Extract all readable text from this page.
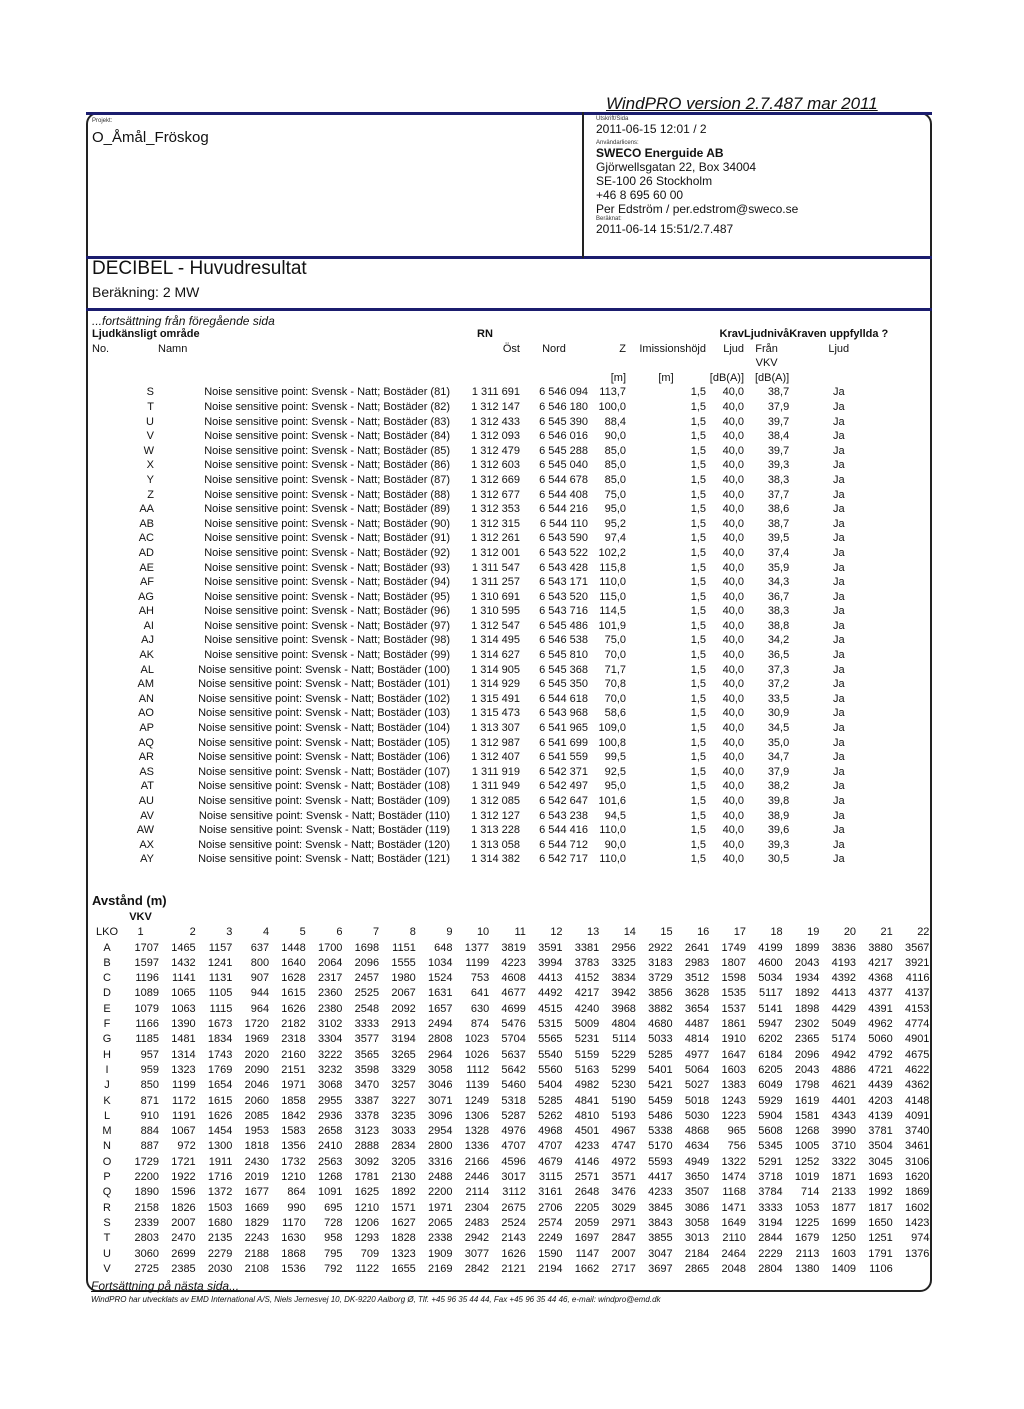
WindPRO version 2.7.487 mar 2011
Projekt:
O_Åmål_Fröskog
Utskrift/Sida
2011-06-15 12:01 / 2
Användarlicens:
SWECO Energuide AB
Gjörwellsgatan 22, Box 34004
SE-100 26 Stockholm
+46 8 695 60 00
Per Edström / per.edstrom@sweco.se
Beräknat:
2011-06-14 15:51/2.7.487
DECIBEL - Huvudresultat
Beräkning: 2 MW
...fortsättning från föregående sida
Ljudkänsligt område		RN				Krav	Ljudnivå	Kraven uppfyllda ?
No.	Namn	Öst	Nord	Z	Imissionshöjd	Ljud	Från	Ljud
							VKV	
				[m]	[m]	[dB(A)]	[dB(A)]	
S	Noise sensitive point: Svensk - Natt; Bostäder (81)	1 311 691	6 546 094	113,7	1,5	40,0	38,7	Ja
T	Noise sensitive point: Svensk - Natt; Bostäder (82)	1 312 147	6 546 180	100,0	1,5	40,0	37,9	Ja
U	Noise sensitive point: Svensk - Natt; Bostäder (83)	1 312 433	6 545 390	88,4	1,5	40,0	39,7	Ja
V	Noise sensitive point: Svensk - Natt; Bostäder (84)	1 312 093	6 546 016	90,0	1,5	40,0	38,4	Ja
W	Noise sensitive point: Svensk - Natt; Bostäder (85)	1 312 479	6 545 288	85,0	1,5	40,0	39,7	Ja
X	Noise sensitive point: Svensk - Natt; Bostäder (86)	1 312 603	6 545 040	85,0	1,5	40,0	39,3	Ja
Y	Noise sensitive point: Svensk - Natt; Bostäder (87)	1 312 669	6 544 678	85,0	1,5	40,0	38,3	Ja
Z	Noise sensitive point: Svensk - Natt; Bostäder (88)	1 312 677	6 544 408	75,0	1,5	40,0	37,7	Ja
AA	Noise sensitive point: Svensk - Natt; Bostäder (89)	1 312 353	6 544 216	95,0	1,5	40,0	38,6	Ja
AB	Noise sensitive point: Svensk - Natt; Bostäder (90)	1 312 315	6 544 110	95,2	1,5	40,0	38,7	Ja
AC	Noise sensitive point: Svensk - Natt; Bostäder (91)	1 312 261	6 543 590	97,4	1,5	40,0	39,5	Ja
AD	Noise sensitive point: Svensk - Natt; Bostäder (92)	1 312 001	6 543 522	102,2	1,5	40,0	37,4	Ja
AE	Noise sensitive point: Svensk - Natt; Bostäder (93)	1 311 547	6 543 428	115,8	1,5	40,0	35,9	Ja
AF	Noise sensitive point: Svensk - Natt; Bostäder (94)	1 311 257	6 543 171	110,0	1,5	40,0	34,3	Ja
AG	Noise sensitive point: Svensk - Natt; Bostäder (95)	1 310 691	6 543 520	115,0	1,5	40,0	36,7	Ja
AH	Noise sensitive point: Svensk - Natt; Bostäder (96)	1 310 595	6 543 716	114,5	1,5	40,0	38,3	Ja
AI	Noise sensitive point: Svensk - Natt; Bostäder (97)	1 312 547	6 545 486	101,9	1,5	40,0	38,8	Ja
AJ	Noise sensitive point: Svensk - Natt; Bostäder (98)	1 314 495	6 546 538	75,0	1,5	40,0	34,2	Ja
AK	Noise sensitive point: Svensk - Natt; Bostäder (99)	1 314 627	6 545 810	70,0	1,5	40,0	36,5	Ja
AL	Noise sensitive point: Svensk - Natt; Bostäder (100)	1 314 905	6 545 368	71,7	1,5	40,0	37,3	Ja
AM	Noise sensitive point: Svensk - Natt; Bostäder (101)	1 314 929	6 545 350	70,8	1,5	40,0	37,2	Ja
AN	Noise sensitive point: Svensk - Natt; Bostäder (102)	1 315 491	6 544 618	70,0	1,5	40,0	33,5	Ja
AO	Noise sensitive point: Svensk - Natt; Bostäder (103)	1 315 473	6 543 968	58,6	1,5	40,0	30,9	Ja
AP	Noise sensitive point: Svensk - Natt; Bostäder (104)	1 313 307	6 541 965	109,0	1,5	40,0	34,5	Ja
AQ	Noise sensitive point: Svensk - Natt; Bostäder (105)	1 312 987	6 541 699	100,8	1,5	40,0	35,0	Ja
AR	Noise sensitive point: Svensk - Natt; Bostäder (106)	1 312 407	6 541 559	99,5	1,5	40,0	34,7	Ja
AS	Noise sensitive point: Svensk - Natt; Bostäder (107)	1 311 919	6 542 371	92,5	1,5	40,0	37,9	Ja
AT	Noise sensitive point: Svensk - Natt; Bostäder (108)	1 311 949	6 542 497	95,0	1,5	40,0	38,2	Ja
AU	Noise sensitive point: Svensk - Natt; Bostäder (109)	1 312 085	6 542 647	101,6	1,5	40,0	39,8	Ja
AV	Noise sensitive point: Svensk - Natt; Bostäder (110)	1 312 127	6 543 238	94,5	1,5	40,0	38,9	Ja
AW	Noise sensitive point: Svensk - Natt; Bostäder (119)	1 313 228	6 544 416	110,0	1,5	40,0	39,6	Ja
AX	Noise sensitive point: Svensk - Natt; Bostäder (120)	1 313 058	6 544 712	90,0	1,5	40,0	39,3	Ja
AY	Noise sensitive point: Svensk - Natt; Bostäder (121)	1 314 382	6 542 717	110,0	1,5	40,0	30,5	Ja
Avstånd (m)
	VKV																					
LKO	1	2	3	4	5	6	7	8	9	10	11	12	13	14	15	16	17	18	19	20	21	22
A	1707	1465	1157	637	1448	1700	1698	1151	648	1377	3819	3591	3381	2956	2922	2641	1749	4199	1899	3836	3880	3567
B	1597	1432	1241	800	1640	2064	2096	1555	1034	1199	4223	3994	3783	3325	3183	2983	1807	4600	2043	4193	4217	3921
C	1196	1141	1131	907	1628	2317	2457	1980	1524	753	4608	4413	4152	3834	3729	3512	1598	5034	1934	4392	4368	4116
D	1089	1065	1105	944	1615	2360	2525	2067	1631	641	4677	4492	4217	3942	3856	3628	1535	5117	1892	4413	4377	4137
E	1079	1063	1115	964	1626	2380	2548	2092	1657	630	4699	4515	4240	3968	3882	3654	1537	5141	1898	4429	4391	4153
F	1166	1390	1673	1720	2182	3102	3333	2913	2494	874	5476	5315	5009	4804	4680	4487	1861	5947	2302	5049	4962	4774
G	1185	1481	1834	1969	2318	3304	3577	3194	2808	1023	5704	5565	5231	5114	5033	4814	1910	6202	2365	5174	5060	4901
H	957	1314	1743	2020	2160	3222	3565	3265	2964	1026	5637	5540	5159	5229	5285	4977	1647	6184	2096	4942	4792	4675
I	959	1323	1769	2090	2151	3232	3598	3329	3058	1112	5642	5560	5163	5299	5401	5064	1603	6205	2043	4886	4721	4622
J	850	1199	1654	2046	1971	3068	3470	3257	3046	1139	5460	5404	4982	5230	5421	5027	1383	6049	1798	4621	4439	4362
K	871	1172	1615	2060	1858	2955	3387	3227	3071	1249	5318	5285	4841	5190	5459	5018	1243	5929	1619	4401	4203	4148
L	910	1191	1626	2085	1842	2936	3378	3235	3096	1306	5287	5262	4810	5193	5486	5030	1223	5904	1581	4343	4139	4091
M	884	1067	1454	1953	1583	2658	3123	3033	2954	1328	4976	4968	4501	4967	5338	4868	965	5608	1268	3990	3781	3740
N	887	972	1300	1818	1356	2410	2888	2834	2800	1336	4707	4707	4233	4747	5170	4634	756	5345	1005	3710	3504	3461
O	1729	1721	1911	2430	1732	2563	3092	3205	3316	2166	4596	4679	4146	4972	5593	4949	1322	5291	1252	3322	3045	3106
P	2200	1922	1716	2019	1210	1268	1781	2130	2488	2446	3017	3115	2571	3571	4417	3650	1474	3718	1019	1871	1693	1620
Q	1890	1596	1372	1677	864	1091	1625	1892	2200	2114	3112	3161	2648	3476	4233	3507	1168	3784	714	2133	1992	1869
R	2158	1826	1503	1669	990	695	1210	1571	1971	2304	2675	2706	2205	3029	3845	3086	1471	3333	1053	1877	1817	1602
S	2339	2007	1680	1829	1170	728	1206	1627	2065	2483	2524	2574	2059	2971	3843	3058	1649	3194	1225	1699	1650	1423
T	2803	2470	2135	2243	1630	958	1293	1828	2338	2942	2143	2249	1697	2847	3855	3013	2110	2844	1679	1250	1251	974
U	3060	2699	2279	2188	1868	795	709	1323	1909	3077	1626	1590	1147	2007	3047	2184	2464	2229	2113	1603	1791	1376
V	2725	2385	2030	2108	1536	792	1122	1655	2169	2842	2121	2194	1662	2717	3697	2865	2048	2804	1380	1409	1106	
Fortsättning på nästa sida...
WindPRO har utvecklats av EMD International A/S, Niels Jernesvej 10, DK-9220 Aalborg Ø, Tlf. +45 96 35 44 44, Fax +45 96 35 44 46, e-mail: windpro@emd.dk
